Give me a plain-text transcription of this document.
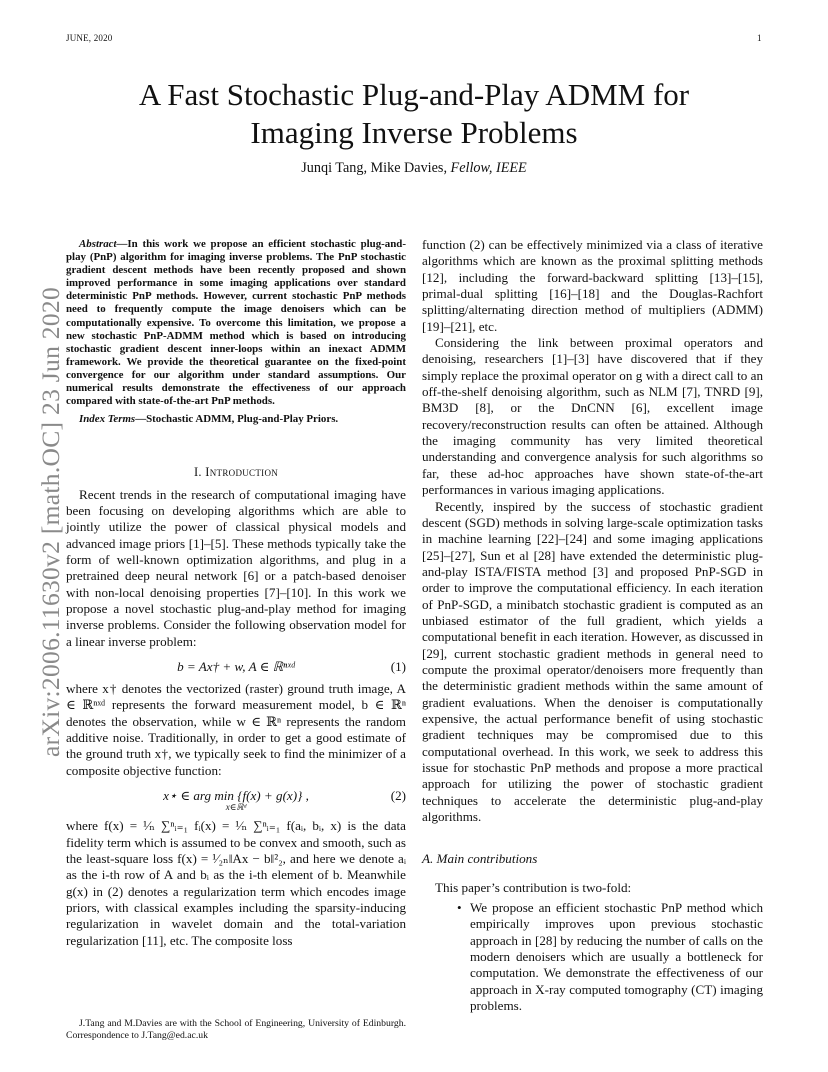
JUNE, 2020	1
arXiv:2006.11630v2 [math.OC] 23 Jun 2020
A Fast Stochastic Plug-and-Play ADMM for
Imaging Inverse Problems
Junqi Tang, Mike Davies, Fellow, IEEE

Abstract—In this work we propose an efficient stochastic plug-and-play (PnP) algorithm for imaging inverse problems. The PnP stochastic gradient descent methods have been recently proposed and shown improved performance in some imaging applications over standard deterministic PnP methods. However, current stochastic PnP methods need to frequently compute the image denoisers which can be computationally expensive. To overcome this limitation, we propose a new stochastic PnP-ADMM method which is based on introducing stochastic gradient descent inner-loops within an inexact ADMM framework. We provide the theoretical guarantee on the fixed-point convergence for our algorithm under standard assumptions. Our numerical results demonstrate the effectiveness of our approach compared with state-of-the-art PnP methods.

Index Terms—Stochastic ADMM, Plug-and-Play Priors.

I. Introduction

Recent trends in the research of computational imaging have been focusing on developing algorithms which are able to jointly utilize the power of classical physical models and advanced image priors [1]–[5]. These methods typically take the form of well-known optimization algorithms, and plug in a pretrained deep neural network [6] or a patch-based denoiser with non-local denoising properties [7]–[10]. In this work we propose a novel stochastic plug-and-play method for imaging inverse problems. Consider the following observation model for a linear inverse problem:

b = Ax† + w, A ∈ ℝⁿˣᵈ	(1)

where x† denotes the vectorized (raster) ground truth image, A ∈ ℝⁿˣᵈ represents the forward measurement model, b ∈ ℝⁿ denotes the observation, while w ∈ ℝⁿ represents the random additive noise. Traditionally, in order to get a good estimate of the ground truth x†, we typically seek to find the minimizer of a composite objective function:

x⋆ ∈ arg min {f(x) + g(x)} ,
x∈ℝᵈ
(2)

where f(x) = ¹⁄ₙ ∑ⁿᵢ₌₁ fᵢ(x) = ¹⁄ₙ ∑ⁿᵢ₌₁ f(aᵢ, bᵢ, x) is the data fidelity term which is assumed to be convex and smooth, such as the least-square loss f(x) = ¹⁄₂ₙ‖Ax − b‖²₂, and here we denote aᵢ as the i-th row of A and bᵢ as the i-th element of b. Meanwhile g(x) in (2) denotes a regularization term which encodes image priors, with classical examples including the sparsity-inducing regularization in wavelet domain and the total-variation regularization [11], etc. The composite loss

function (2) can be effectively minimized via a class of iterative algorithms which are known as the proximal splitting methods [12], including the forward-backward splitting [13]–[15], primal-dual splitting [16]–[18] and the Douglas-Rachfort splitting/alternating direction method of multipliers (ADMM) [19]–[21], etc.

Considering the link between proximal operators and denoising, researchers [1]–[3] have discovered that if they simply replace the proximal operator on g with a direct call to an off-the-shelf denoising algorithm, such as NLM [7], TNRD [9], BM3D [8], or the DnCNN [6], excellent image recovery/reconstruction results can often be attained. Although the imaging community has very limited theoretical understanding and convergence analysis for such algorithms so far, these ad-hoc approaches have shown state-of-the-art performances in various imaging applications.

Recently, inspired by the success of stochastic gradient descent (SGD) methods in solving large-scale optimization tasks in machine learning [22]–[24] and some imaging applications [25]–[27], Sun et al [28] have extended the deterministic plug-and-play ISTA/FISTA method [3] and proposed PnP-SGD in order to improve the computational efficiency. In each iteration of PnP-SGD, a minibatch stochastic gradient is computed as an unbiased estimator of the full gradient, which yields a computational benefit in each iteration. However, as discussed in [29], current stochastic gradient methods in general need to compute the proximal operator/denoisers more frequently than the deterministic gradient methods within the same amount of gradient evaluations. When the denoiser is computationally expensive, the actual performance benefit of using stochastic gradient techniques may be compromised due to this computational overhead. In this work, we seek to address this issue for stochastic PnP methods and propose a more practical approach for utilizing the power of stochastic gradient techniques to accelerate the deterministic plug-and-play algorithms.

A. Main contributions

This paper’s contribution is two-fold:

• We propose an efficient stochastic PnP method which empirically improves upon previous stochastic approach in [28] by reducing the number of calls on the modern denoisers which are usually a bottleneck for computation. We demonstrate the effectiveness of our approach in X-ray computed tomography (CT) imaging problems.
J.Tang and M.Davies are with the School of Engineering, University of Edinburgh. Correspondence to J.Tang@ed.ac.uk
